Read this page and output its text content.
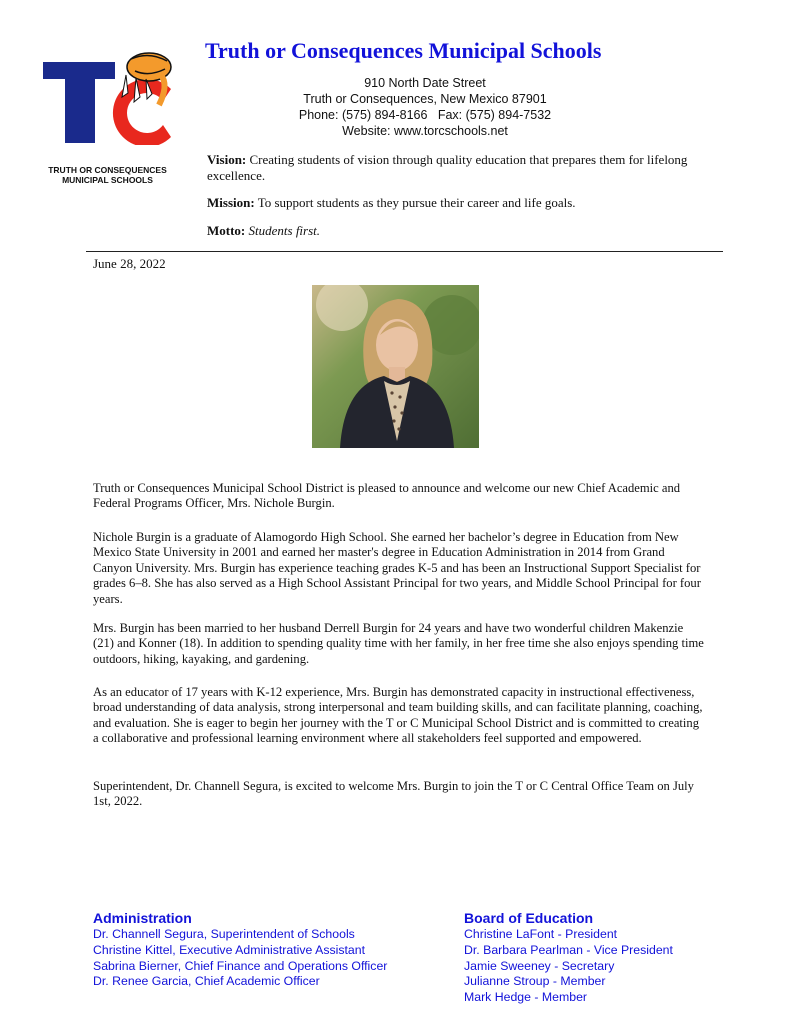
or
TRUTH OR CONSEQUENCES
MUNICIPAL SCHOOLS
Truth or Consequences Municipal Schools
910 North Date Street
Truth or Consequences, New Mexico 87901
Phone: (575) 894-8166   Fax: (575) 894-7532
Website: www.torcschools.net
Vision: Creating students of vision through quality education that prepares them for lifelong excellence.
Mission: To support students as they pursue their career and life goals.
Motto: Students first.
June 28, 2022
Truth or Consequences Municipal School District is pleased to announce and welcome our new Chief Academic and Federal Programs Officer, Mrs. Nichole Burgin.
Nichole Burgin is a graduate of Alamogordo High School. She earned her bachelor’s degree in Education from New Mexico State University in 2001 and earned her master's degree in Education Administration in 2014 from Grand Canyon University. Mrs. Burgin has experience teaching grades K-5 and has been an Instructional Support Specialist for grades 6–8. She has also served as a High School Assistant Principal for two years, and Middle School Principal for four years.
Mrs. Burgin has been married to her husband Derrell Burgin for 24 years and have two wonderful children Makenzie (21) and Konner (18). In addition to spending quality time with her family, in her free time she also enjoys spending time outdoors, hiking, kayaking, and gardening.
As an educator of 17 years with K-12 experience, Mrs. Burgin has demonstrated capacity in instructional effectiveness, broad understanding of data analysis, strong interpersonal and team building skills, and can facilitate planning, coaching, and evaluation. She is eager to begin her journey with the T or C Municipal School District and is committed to creating a collaborative and professional learning environment where all stakeholders feel supported and empowered.
Superintendent, Dr. Channell Segura, is excited to welcome Mrs. Burgin to join the T or C Central Office Team on July 1st, 2022.
Administration
Dr. Channell Segura, Superintendent of Schools
Christine Kittel, Executive Administrative Assistant
Sabrina Bierner, Chief Finance and Operations Officer
Dr. Renee Garcia, Chief Academic Officer
Board of Education
Christine LaFont - President
Dr. Barbara Pearlman - Vice President
Jamie Sweeney - Secretary
Julianne Stroup - Member
Mark Hedge - Member
